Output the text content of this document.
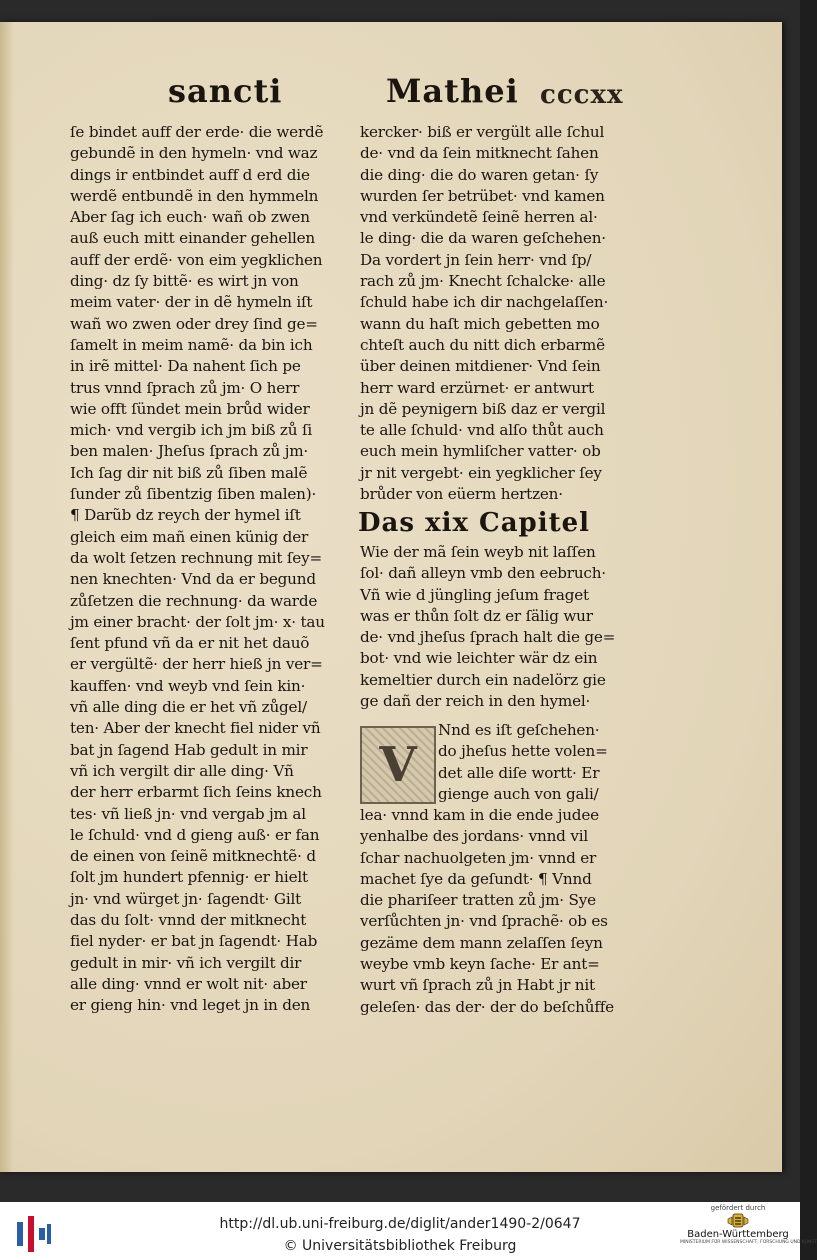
sancti	Mathei cccxx
ſe bindet auff der erde· die werdẽ
gebundẽ in den hymeln· vnd waz
dings ir entbindet auff d erd die
werdẽ entbundẽ in den hymmeln
Aber ſag ich euch· wañ ob zwen
auß euch mitt einander gehellen
auff der erdẽ· von eim yegklichen
ding· dz ſy bittẽ· es wirt jn von
meim vater· der in dẽ hymeln iſt
wañ wo zwen oder drey ſind ge=
ſamelt in meim namẽ· da bin ich
in irẽ mittel· Da nahent ſich pe
trus vnnd ſprach zů jm· O herr
wie offt ſündet mein brůd wider
mich· vnd vergib ich jm biß zů ſi
ben malen· Jheſus ſprach zů jm·
Ich ſag dir nit biß zů ſiben malẽ
ſunder zů ſibentzig ſiben malen)·
¶ Darũb dz reych der hymel iſt
gleich eim mañ einen künig der
da wolt ſetzen rechnung mit ſey=
nen knechten· Vnd da er begund
zůſetzen die rechnung· da warde
jm einer bracht· der ſolt jm· x· tau
ſent pfund vñ da er nit het dauõ
er vergültẽ· der herr hieß jn ver=
kauffen· vnd weyb vnd ſein kin·
vñ alle ding die er het vñ zůgel/
ten· Aber der knecht fiel nider vñ
bat jn ſagend Hab gedult in mir
vñ ich vergilt dir alle ding· Vñ
der herr erbarmt ſich ſeins knech
tes· vñ ließ jn· vnd vergab jm al
le ſchuld· vnd d gieng auß· er fan
de einen von ſeinẽ mitknechtẽ· d
ſolt jm hundert pfennig· er hielt
jn· vnd würget jn· ſagendt· Gilt
das du ſolt· vnnd der mitknecht
fiel nyder· er bat jn ſagendt· Hab
gedult in mir· vñ ich vergilt dir
alle ding· vnnd er wolt nit· aber
er gieng hin· vnd leget jn in den
kercker· biß er vergült alle ſchul
de· vnd da ſein mitknecht ſahen
die ding· die do waren getan· ſy
wurden ſer betrübet· vnd kamen
vnd verkündetẽ ſeinẽ herren al·
le ding· die da waren geſchehen·
Da vordert jn ſein herr· vnd ſp/
rach zů jm· Knecht ſchalcke· alle
ſchuld habe ich dir nachgelaſſen·
wann du haſt mich gebetten mo
chteſt auch du nitt dich erbarmẽ
über deinen mitdiener· Vnd ſein
herr ward erzürnet· er antwurt
jn dẽ peynigern biß daz er vergil
te alle ſchuld· vnd alſo thůt auch
euch mein hymliſcher vatter· ob
jr nit vergebt· ein yegklicher ſey
brůder von eüerm hertzen·
Das xix Capitel
Wie der mã ſein weyb nit laſſen
ſol· dañ alleyn vmb den eebruch·
Vñ wie d jüngling jeſum fraget
was er thůn ſolt dz er ſälig wur
de· vnd jheſus ſprach halt die ge=
bot· vnd wie leichter wär dz ein
kemeltier durch ein nadelörz gie
ge dañ der reich in den hymel·
V
Nnd es iſt geſchehen·
do jheſus hette volen=
det alle diſe wortt· Er
gienge auch von gali/
lea· vnnd kam in die ende judee
yenhalbe des jordans· vnnd vil
ſchar nachuolgeten jm· vnnd er
machet ſye da geſundt· ¶ Vnnd
die phariſeer tratten zů jm· Sye
verſůchten jn· vnd ſprachẽ· ob es
gezäme dem mann zelaſſen ſeyn
weybe vmb keyn ſache· Er ant=
wurt vñ ſprach zů jn Habt jr nit
geleſen· das der· der do beſchůffe
http://dl.ub.uni-freiburg.de/diglit/ander1490-2/0647
© Universitätsbibliothek Freiburg
gefördert durch
Baden-Württemberg
MINISTERIUM FÜR WISSENSCHAFT, FORSCHUNG UND KUNST
